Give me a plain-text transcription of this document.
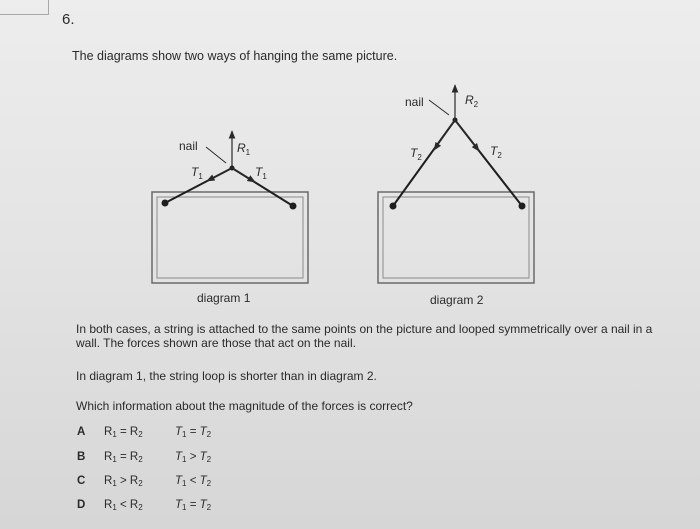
6.
The diagrams show two ways of hanging the same picture.
nail	$R_1$
$T_1$	$T_1$
nail	$R_2$
$T_2$	$T_2$
diagram 1	diagram 2
In both cases, a string is attached to the same points on the picture and looped symmetrically over a nail in a wall. The forces shown are those that act on the nail.
In diagram 1, the string loop is shorter than in diagram 2.
Which information about the magnitude of the forces is correct?
A $R_1 = R_2$	$T_1 = T_2$
B $R_1 = R_2$	$T_1 > T_2$
C $R_1 > R_2$	$T_1 < T_2$
D $R_1 < R_2$	$T_1 = T_2$
